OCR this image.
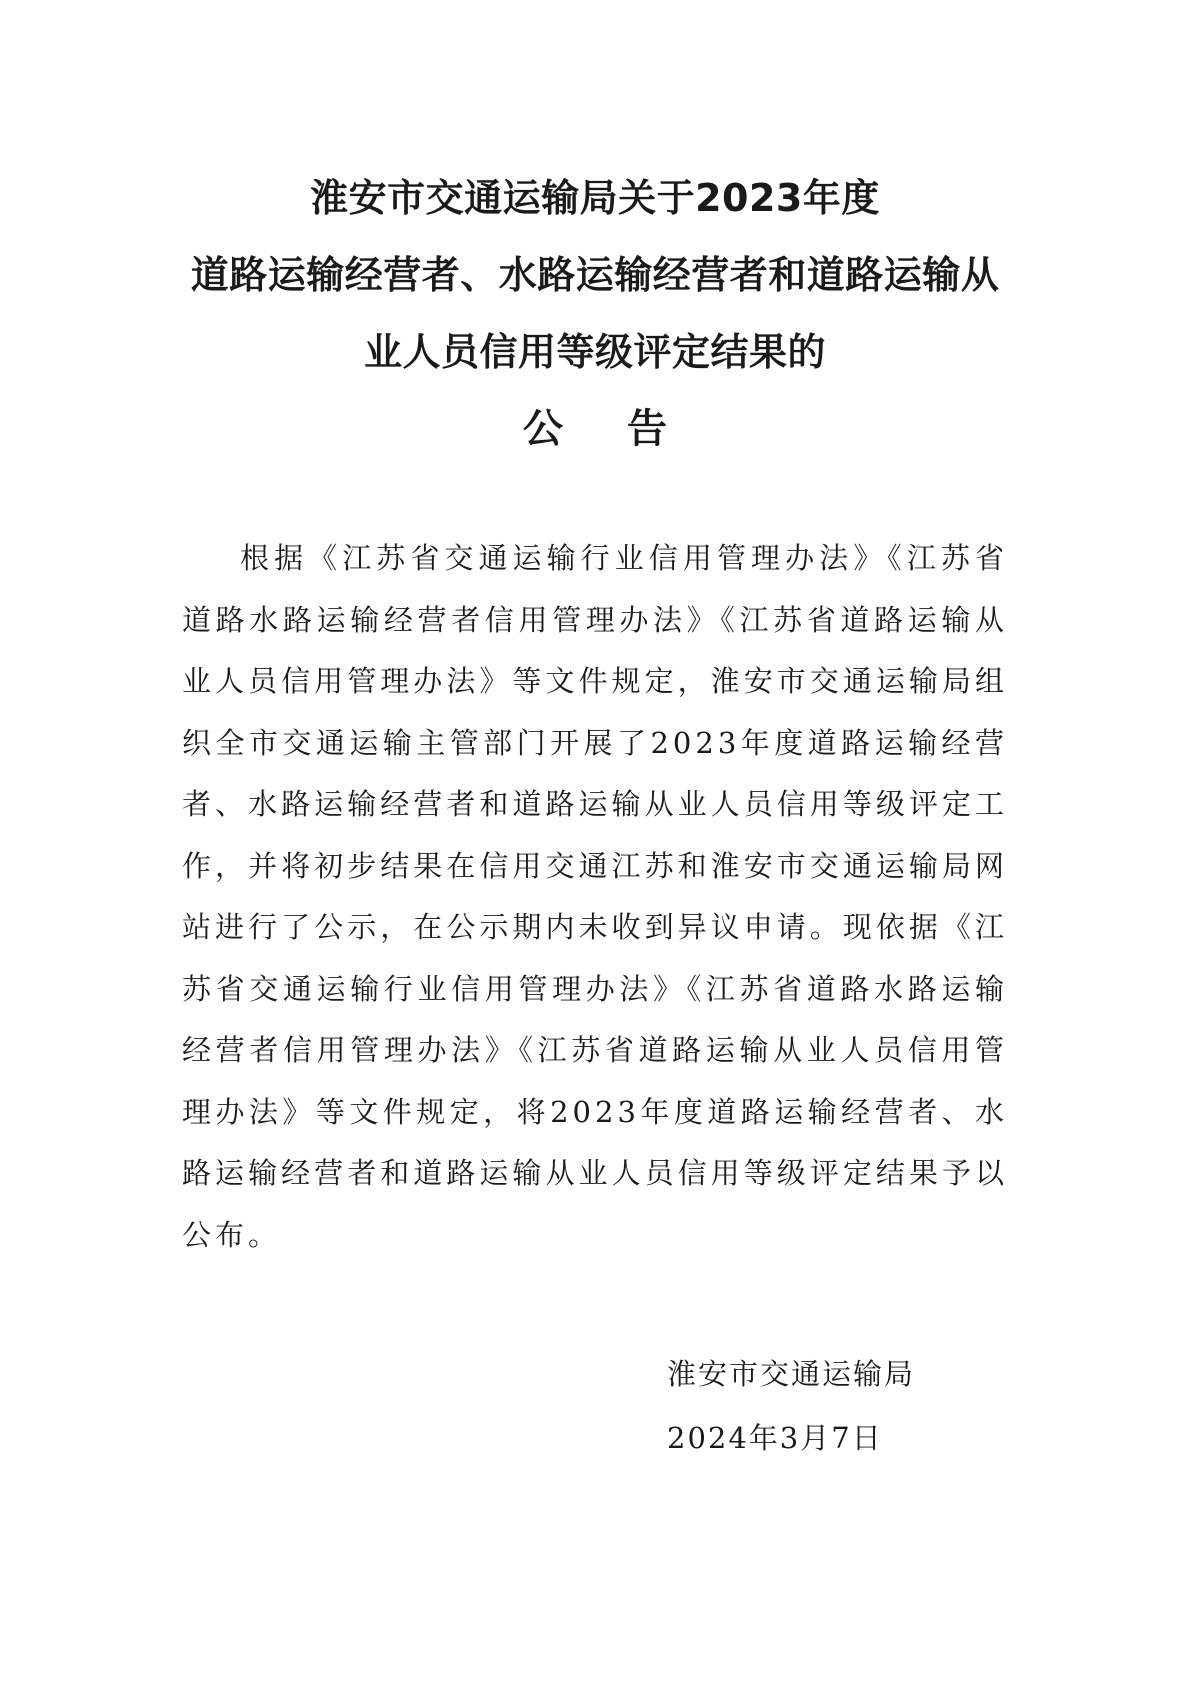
淮安市交通运输局关于2023年度
道路运输经营者、水路运输经营者和道路运输从
业人员信用等级评定结果的
公告

根据《江苏省交通运输行业信用管理办法》《江苏省道路水路运输经营者信用管理办法》《江苏省道路运输从业人员信用管理办法》等文件规定，淮安市交通运输局组织全市交通运输主管部门开展了2023年度道路运输经营者、水路运输经营者和道路运输从业人员信用等级评定工作，并将初步结果在信用交通江苏和淮安市交通运输局网站进行了公示，在公示期内未收到异议申请。现依据《江苏省交通运输行业信用管理办法》《江苏省道路水路运输经营者信用管理办法》《江苏省道路运输从业人员信用管理办法》等文件规定，将2023年度道路运输经营者、水路运输经营者和道路运输从业人员信用等级评定结果予以公布。

淮安市交通运输局
2024年3月7日
